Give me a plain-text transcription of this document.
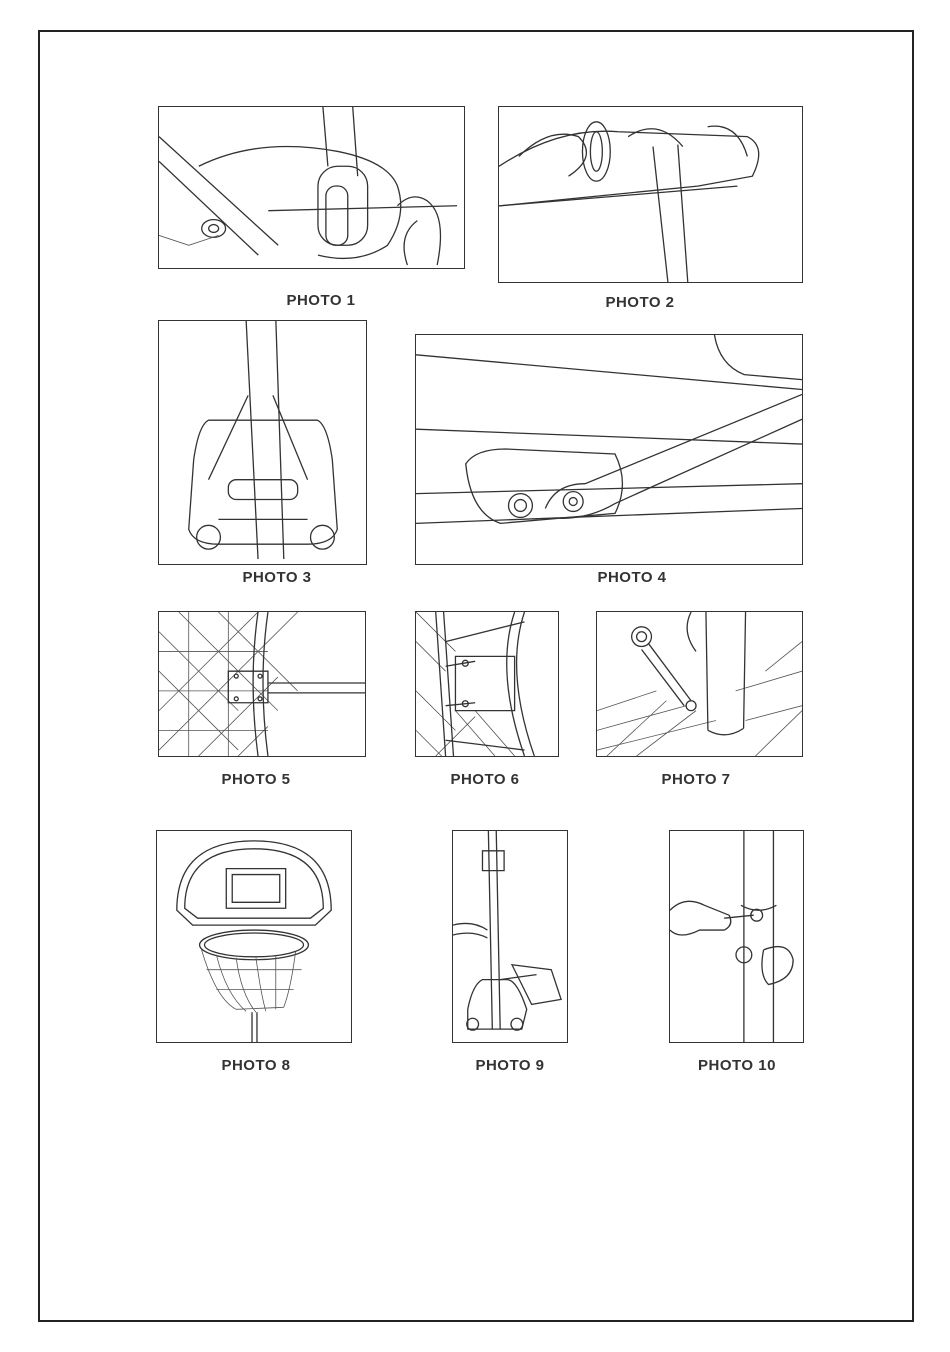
PHOTO 1	PHOTO 2
PHOTO 3	PHOTO 4
PHOTO 5	PHOTO 6	PHOTO 7
PHOTO 8	PHOTO 9	PHOTO 10
